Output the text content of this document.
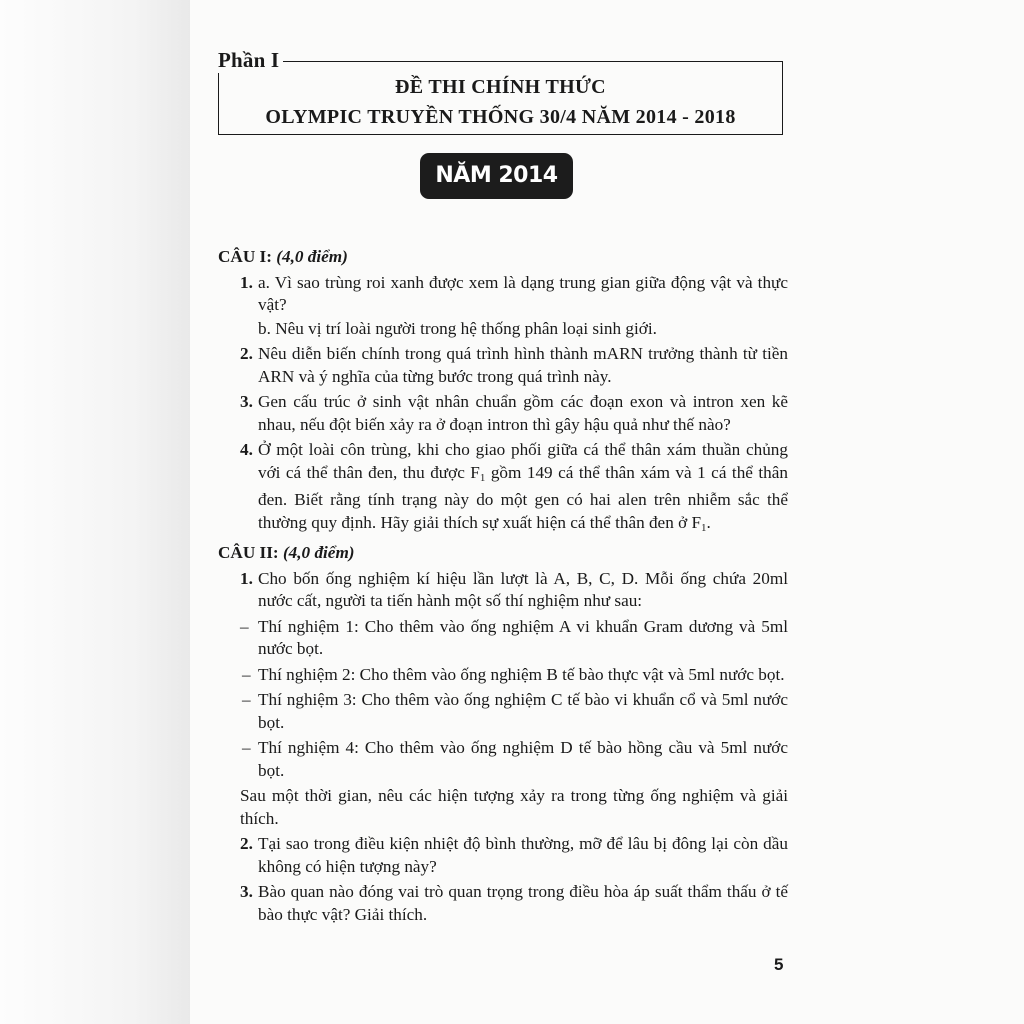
ĐỀ THI CHÍNH THỨC
OLYMPIC TRUYỀN THỐNG 30/4 NĂM 2014 - 2018
Phần I
NĂM 2014
CÂU I: (4,0 điểm)
1. a. Vì sao trùng roi xanh được xem là dạng trung gian giữa động vật và thực vật?
b. Nêu vị trí loài người trong hệ thống phân loại sinh giới.
2. Nêu diễn biến chính trong quá trình hình thành mARN trưởng thành từ tiền ARN và ý nghĩa của từng bước trong quá trình này.
3. Gen cấu trúc ở sinh vật nhân chuẩn gồm các đoạn exon và intron xen kẽ nhau, nếu đột biến xảy ra ở đoạn intron thì gây hậu quả như thế nào?
4. Ở một loài côn trùng, khi cho giao phối giữa cá thể thân xám thuần chủng với cá thể thân đen, thu được $F_1$ gồm 149 cá thể thân xám và 1 cá thể thân đen. Biết rằng tính trạng này do một gen có hai alen trên nhiễm sắc thể thường quy định. Hãy giải thích sự xuất hiện cá thể thân đen ở $F_1$.
CÂU II: (4,0 điểm)
1. Cho bốn ống nghiệm kí hiệu lần lượt là A, B, C, D. Mỗi ống chứa 20ml nước cất, người ta tiến hành một số thí nghiệm như sau:
– Thí nghiệm 1: Cho thêm vào ống nghiệm A vi khuẩn Gram dương và 5ml nước bọt.
– Thí nghiệm 2: Cho thêm vào ống nghiệm B tế bào thực vật và 5ml nước bọt.
– Thí nghiệm 3: Cho thêm vào ống nghiệm C tế bào vi khuẩn cổ và 5ml nước bọt.
– Thí nghiệm 4: Cho thêm vào ống nghiệm D tế bào hồng cầu và 5ml nước bọt.
Sau một thời gian, nêu các hiện tượng xảy ra trong từng ống nghiệm và giải thích.
2. Tại sao trong điều kiện nhiệt độ bình thường, mỡ để lâu bị đông lại còn dầu không có hiện tượng này?
3. Bào quan nào đóng vai trò quan trọng trong điều hòa áp suất thẩm thấu ở tế bào thực vật? Giải thích.
5
